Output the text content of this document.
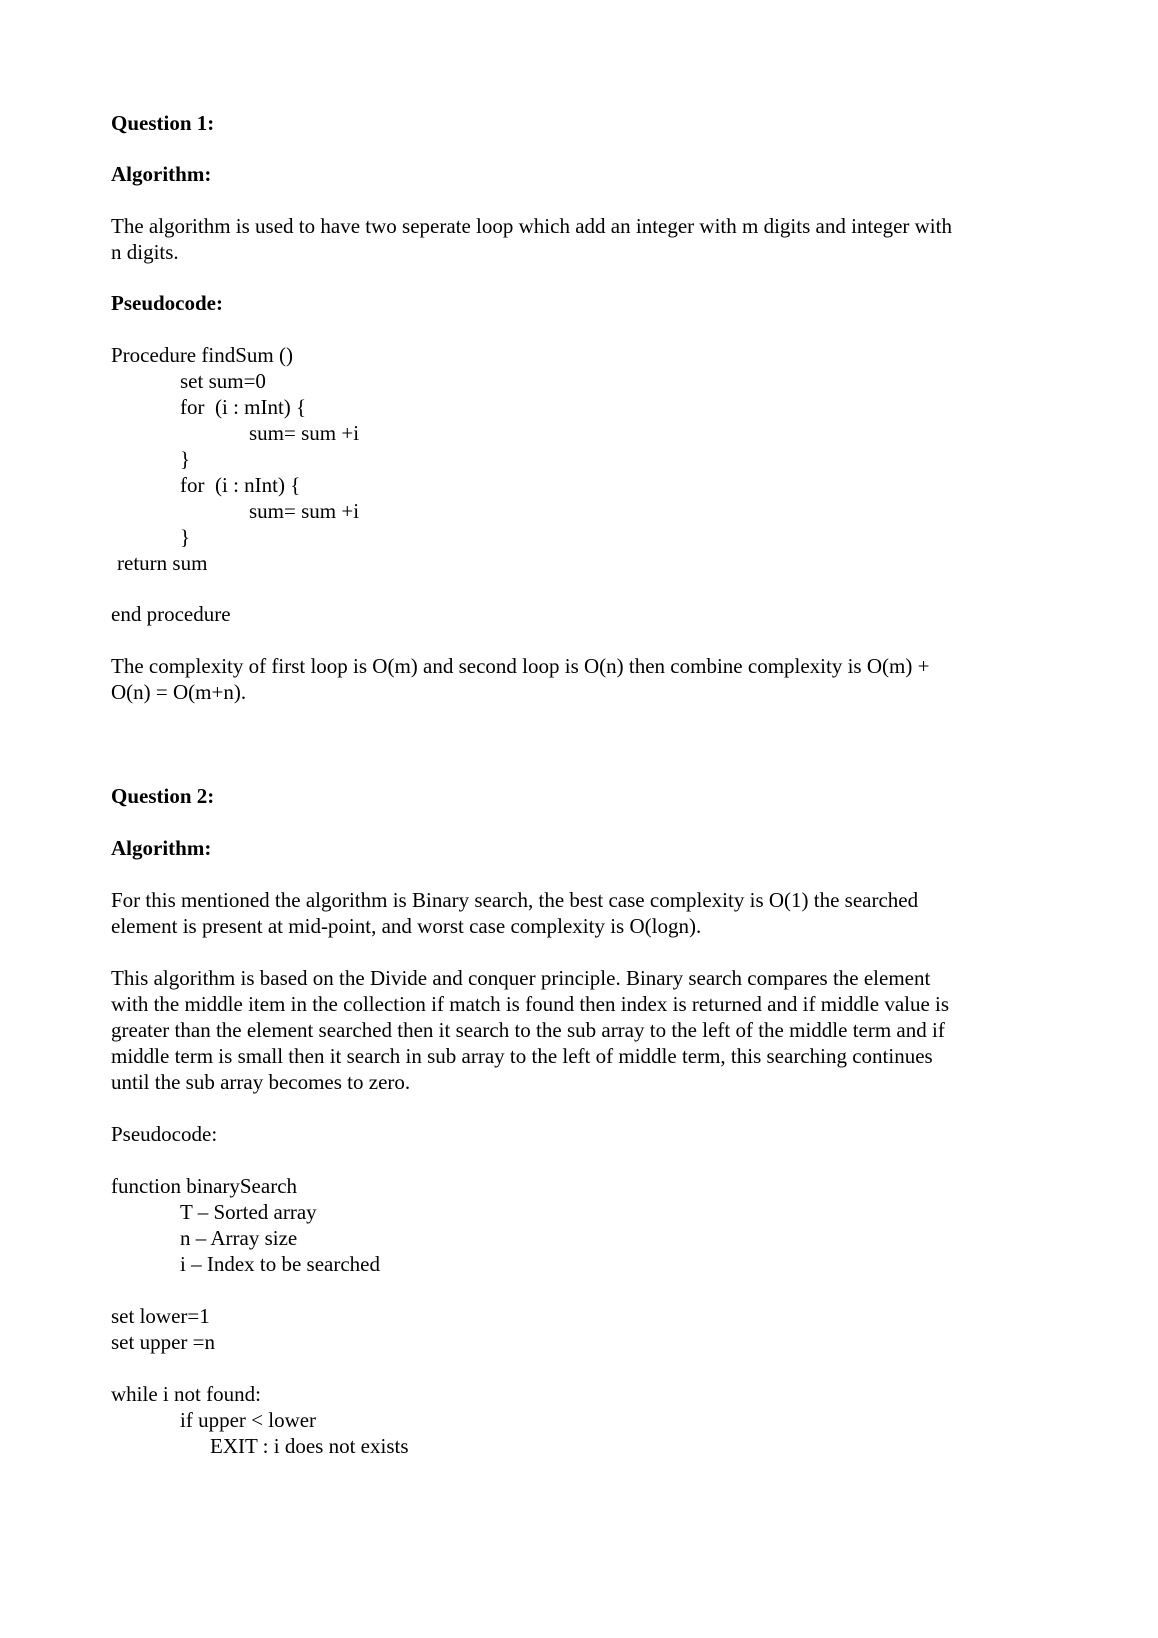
Question 1:
Algorithm:
The algorithm is used to have two seperate loop which add an integer with m digits and integer with
n digits.
Pseudocode:
Procedure findSum ()
set sum=0
for  (i : mInt) {
sum= sum +i
}
for  (i : nInt) {
sum= sum +i
}
return sum
end procedure
The complexity of first loop is O(m) and second loop is O(n) then combine complexity is O(m) +
O(n) = O(m+n).
Question 2:
Algorithm:
For this mentioned the algorithm is Binary search, the best case complexity is O(1) the searched
element is present at mid-point, and worst case complexity is O(logn).
This algorithm is based on the Divide and conquer principle. Binary search compares the element
with the middle item in the collection if match is found then index is returned and if middle value is
greater than the element searched then it search to the sub array to the left of the middle term and if
middle term is small then it search in sub array to the left of middle term, this searching continues
until the sub array becomes to zero.
Pseudocode:
function binarySearch
T – Sorted array
n – Array size
i – Index to be searched
set lower=1
set upper =n
while i not found:
if upper < lower
EXIT : i does not exists
